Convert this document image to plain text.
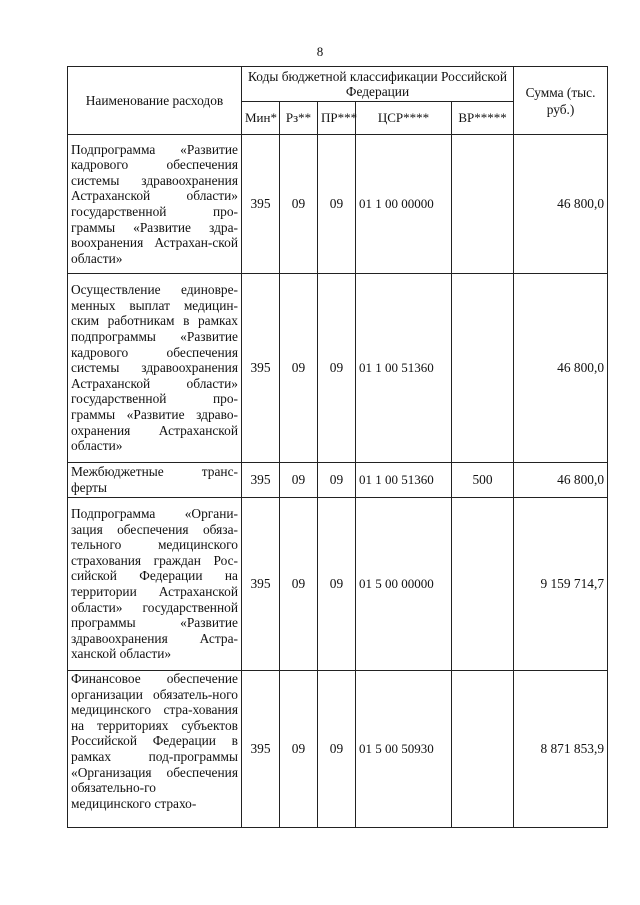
8
Наименование расходов	Коды бюджетной классификации Российской Федерации					Сумма (тыс. руб.)
	Мин*	Рз**	ПР***	ЦСР****	ВР*****	
Подпрограмма «Развитие кадрового обеспечения системы здравоохранения Астраханской области» государственной про-граммы «Развитие здра-воохранения Астрахан-ской области»	395	09	09	01 1 00 00000		46 800,0
Осуществление единовре-менных выплат медицин-ским работникам в рамках подпрограммы «Развитие кадрового обеспечения системы здравоохранения Астраханской области» государственной про-граммы «Развитие здраво-охранения Астраханской области»	395	09	09	01 1 00 51360		46 800,0
Межбюджетные транс-ферты	395	09	09	01 1 00 51360	500	46 800,0
Подпрограмма «Органи-зация обеспечения обяза-тельного медицинского страхования граждан Рос-сийской Федерации на территории Астраханской области» государственной программы «Развитие здравоохранения Астра-ханской области»	395	09	09	01 5 00 00000		9 159 714,7
Финансовое обеспечение организации обязатель-ного медицинского стра-хования на территориях субъектов Российской Федерации в рамках под-программы «Организация обеспечения обязательно-го медицинского страхо-	395	09	09	01 5 00 50930		8 871 853,9
